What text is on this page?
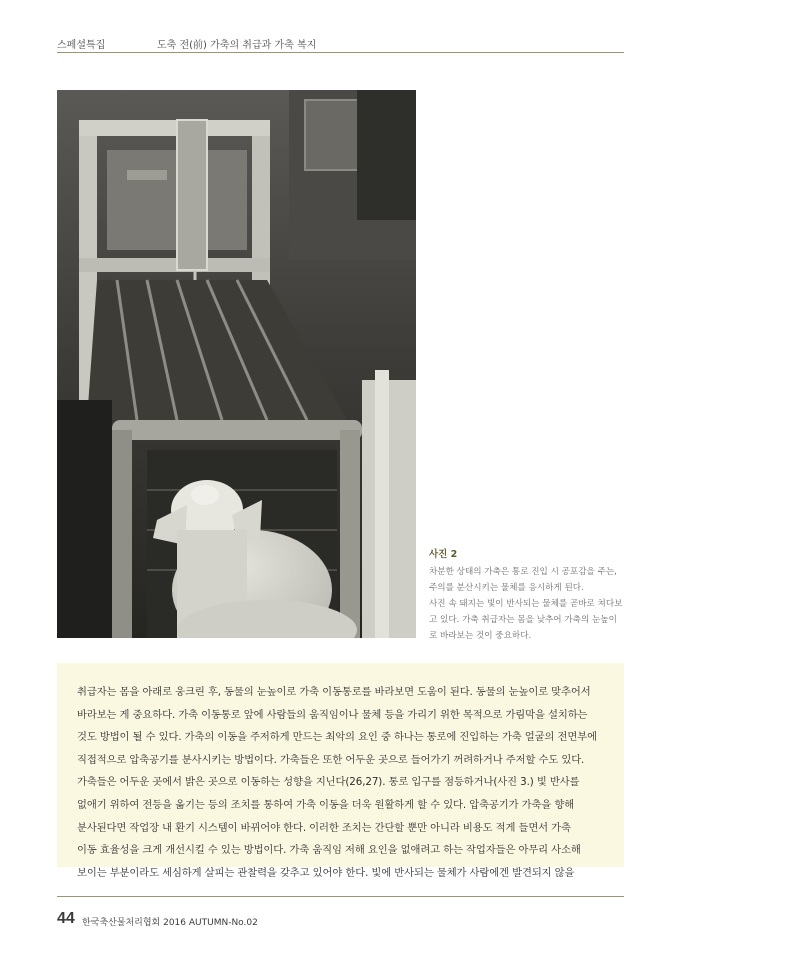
스페셜특집	도축 전(前) 가축의 취급과 가축 복지
사진 2

차분한 상태의 가축은 통로 진입 시 공포감을 주는, 주의를 분산시키는 물체를 응시하게 된다.

사진 속 돼지는 빛이 반사되는 물체를 곧바로 쳐다보고 있다. 가축 취급자는 몸을 낮추어 가축의 눈높이로 바라보는 것이 중요하다.

취급자는 몸을 아래로 웅크린 후, 동물의 눈높이로 가축 이동통로를 바라보면 도움이 된다. 동물의 눈높이로 맞추어서
바라보는 게 중요하다. 가축 이동통로 앞에 사람들의 움직임이나 물체 등을 가리기 위한 목적으로 가림막을 설치하는
것도 방법이 될 수 있다. 가축의 이동을 주저하게 만드는 최악의 요인 중 하나는 통로에 진입하는 가축 얼굴의 전면부에
직접적으로 압축공기를 분사시키는 방법이다. 가축들은 또한 어두운 곳으로 들어가기 꺼려하거나 주저할 수도 있다.
가축들은 어두운 곳에서 밝은 곳으로 이동하는 성향을 지닌다(26,27). 통로 입구를 점등하거나(사진 3.) 빛 반사를
없애기 위하여 전등을 옮기는 등의 조치를 통하여 가축 이동을 더욱 원활하게 할 수 있다. 압축공기가 가축을 향해
분사된다면 작업장 내 환기 시스템이 바뀌어야 한다. 이러한 조치는 간단할 뿐만 아니라 비용도 적게 들면서 가축
이동 효율성을 크게 개선시킬 수 있는 방법이다. 가축 움직임 저해 요인을 없애려고 하는 작업자들은 아무리 사소해
보이는 부분이라도 세심하게 살피는 관찰력을 갖추고 있어야 한다. 빛에 반사되는 물체가 사람에겐 발견되지 않을

44 한국축산물처리협회 2016 AUTUMN-No.02
